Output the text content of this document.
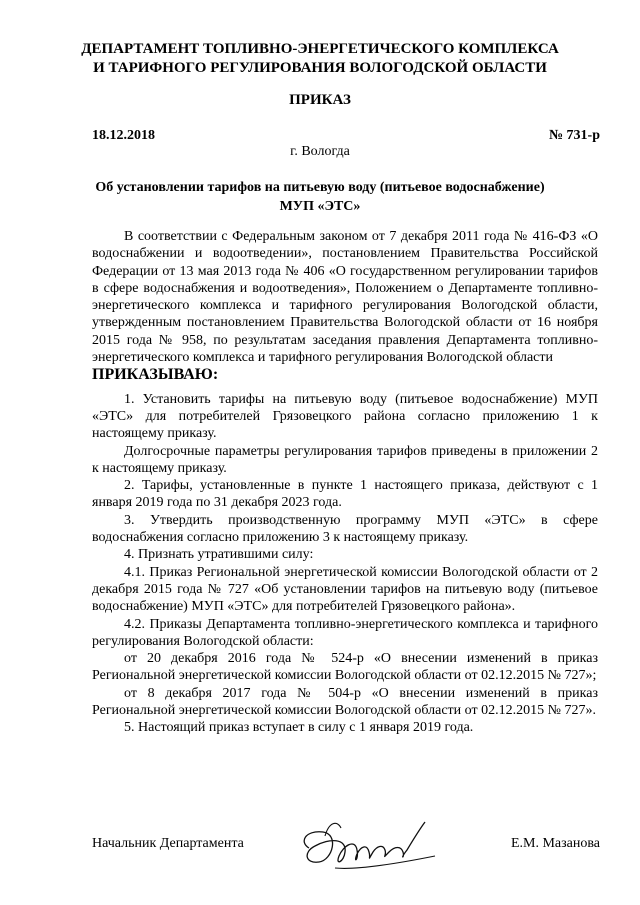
ДЕПАРТАМЕНТ ТОПЛИВНО-ЭНЕРГЕТИЧЕСКОГО КОМПЛЕКСА
И ТАРИФНОГО РЕГУЛИРОВАНИЯ ВОЛОГОДСКОЙ ОБЛАСТИ
ПРИКАЗ
18.12.2018	№ 731-р
г. Вологда
Об установлении тарифов на питьевую воду (питьевое водоснабжение)
МУП «ЭТС»

В соответствии с Федеральным законом от 7 декабря 2011 года № 416-ФЗ «О водоснабжении и водоотведении», постановлением Правительства Российской Федерации от 13 мая 2013 года № 406 «О государственном регулировании тарифов в сфере водоснабжения и водоотведения», Положением о Департаменте топливно-энергетического комплекса и тарифного регулирования Вологодской области, утвержденным постановлением Правительства Вологодской области от 16 ноября 2015 года № 958, по результатам заседания правления Департамента топливно-энергетического комплекса и тарифного регулирования Вологодской области

ПРИКАЗЫВАЮ:

1. Установить тарифы на питьевую воду (питьевое водоснабжение) МУП «ЭТС» для потребителей Грязовецкого района согласно приложению 1 к настоящему приказу.

Долгосрочные параметры регулирования тарифов приведены в приложении 2 к настоящему приказу.

2. Тарифы, установленные в пункте 1 настоящего приказа, действуют с 1 января 2019 года по 31 декабря 2023 года.

3. Утвердить производственную программу МУП «ЭТС» в сфере водоснабжения согласно приложению 3 к настоящему приказу.

4. Признать утратившими силу:

4.1. Приказ Региональной энергетической комиссии Вологодской области от 2 декабря 2015 года № 727 «Об установлении тарифов на питьевую воду (питьевое водоснабжение) МУП «ЭТС» для потребителей Грязовецкого района».

4.2. Приказы Департамента топливно-энергетического комплекса и тарифного регулирования Вологодской области:

от 20 декабря 2016 года № 524-р «О внесении изменений в приказ Региональной энергетической комиссии Вологодской области от 02.12.2015 № 727»;

от 8 декабря 2017 года № 504-р «О внесении изменений в приказ Региональной энергетической комиссии Вологодской области от 02.12.2015 № 727».

5. Настоящий приказ вступает в силу с 1 января 2019 года.

Начальник Департамента	Е.М. Мазанова
